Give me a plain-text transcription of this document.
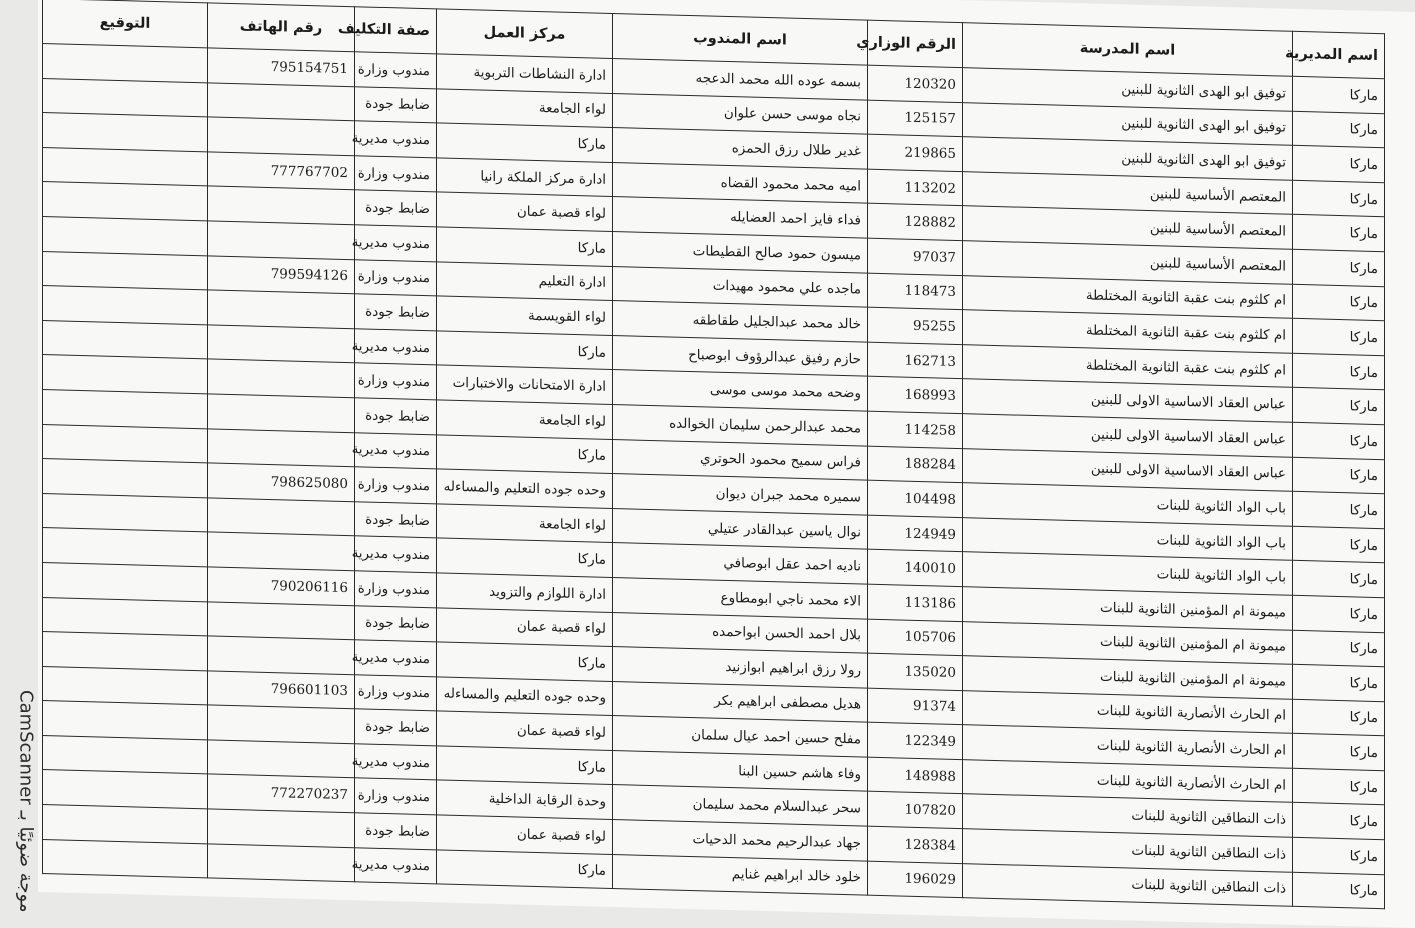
اسم المديرية	اسم المدرسة	الرقم الوزاري	اسم المندوب	مركز العمل	صفة التكليف	رقم الهاتف	التوقيع
ماركا	توفيق ابو الهدى الثانوية للبنين	120320	بسمه عوده الله محمد الدعجه	ادارة النشاطات التربوية	مندوب وزارة	795154751	
ماركا	توفيق ابو الهدى الثانوية للبنين	125157	نجاه موسى حسن علوان	لواء الجامعة	ضابط جودة		
ماركا	توفيق ابو الهدى الثانوية للبنين	219865	غدير طلال رزق الحمزه	ماركا	مندوب مديرية		
ماركا	المعتصم الأساسية للبنين	113202	اميه محمد محمود القضاه	ادارة مركز الملكة رانيا	مندوب وزارة	777767702	
ماركا	المعتصم الأساسية للبنين	128882	فداء فايز احمد العضايله	لواء قصبة عمان	ضابط جودة		
ماركا	المعتصم الأساسية للبنين	97037	ميسون حمود صالح القطيطات	ماركا	مندوب مديرية		
ماركا	ام كلثوم بنت عقبة الثانوية المختلطة	118473	ماجده علي محمود مهيدات	ادارة التعليم	مندوب وزارة	799594126	
ماركا	ام كلثوم بنت عقبة الثانوية المختلطة	95255	خالد محمد عبدالجليل طقاطقه	لواء القويسمة	ضابط جودة		
ماركا	ام كلثوم بنت عقبة الثانوية المختلطة	162713	حازم رفيق عبدالرؤوف ابوصباح	ماركا	مندوب مديرية		
ماركا	عباس العقاد الاساسية الاولى للبنين	168993	وضحه محمد موسى موسى	ادارة الامتحانات والاختبارات	مندوب وزارة		
ماركا	عباس العقاد الاساسية الاولى للبنين	114258	محمد عبدالرحمن سليمان الخوالده	لواء الجامعة	ضابط جودة		
ماركا	عباس العقاد الاساسية الاولى للبنين	188284	فراس سميح محمود الحوتري	ماركا	مندوب مديرية		
ماركا	باب الواد الثانوية للبنات	104498	سميره محمد جبران ديوان	وحده جوده التعليم والمساءله	مندوب وزارة	798625080	
ماركا	باب الواد الثانوية للبنات	124949	نوال ياسين عبدالقادر عتيلي	لواء الجامعة	ضابط جودة		
ماركا	باب الواد الثانوية للبنات	140010	ناديه احمد عقل ابوصافي	ماركا	مندوب مديرية		
ماركا	ميمونة ام المؤمنين الثانوية للبنات	113186	الاء محمد ناجي ابومطاوع	ادارة اللوازم والتزويد	مندوب وزارة	790206116	
ماركا	ميمونة ام المؤمنين الثانوية للبنات	105706	بلال احمد الحسن ابواحمده	لواء قصبة عمان	ضابط جودة		
ماركا	ميمونة ام المؤمنين الثانوية للبنات	135020	رولا رزق ابراهيم ابوازنيد	ماركا	مندوب مديرية		
ماركا	ام الحارث الأنصارية الثانوية للبنات	91374	هديل مصطفى ابراهيم بكر	وحده جوده التعليم والمساءله	مندوب وزارة	796601103	
ماركا	ام الحارث الأنصارية الثانوية للبنات	122349	مفلح حسين احمد عيال سلمان	لواء قصبة عمان	ضابط جودة		
ماركا	ام الحارث الأنصارية الثانوية للبنات	148988	وفاء هاشم حسين البنا	ماركا	مندوب مديرية		
ماركا	ذات النطاقين الثانوية للبنات	107820	سحر عبدالسلام محمد سليمان	وحدة الرقابة الداخلية	مندوب وزارة	772270237	
ماركا	ذات النطاقين الثانوية للبنات	128384	جهاد عبدالرحيم محمد الدحيات	لواء قصبة عمان	ضابط جودة		
ماركا	ذات النطاقين الثانوية للبنات	196029	خلود خالد ابراهيم غنايم	ماركا	مندوب مديرية		
موجة ضوئيًا بـ CamScanner
